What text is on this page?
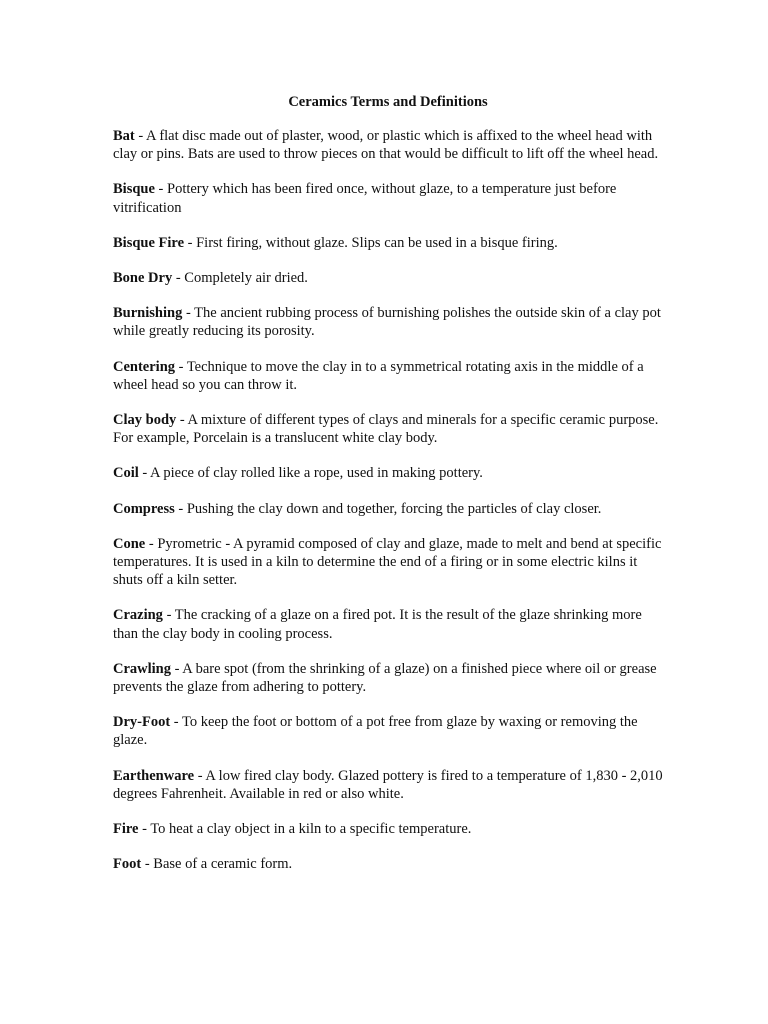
Ceramics Terms and Definitions

Bat - A flat disc made out of plaster, wood, or plastic which is affixed to the wheel head with clay or pins. Bats are used to throw pieces on that would be difficult to lift off the wheel head.

Bisque - Pottery which has been fired once, without glaze, to a temperature just before vitrification

Bisque Fire - First firing, without glaze. Slips can be used in a bisque firing.

Bone Dry - Completely air dried.

Burnishing - The ancient rubbing process of burnishing polishes the outside skin of a clay pot while greatly reducing its porosity.

Centering - Technique to move the clay in to a symmetrical rotating axis in the middle of a wheel head so you can throw it.

Clay body - A mixture of different types of clays and minerals for a specific ceramic purpose. For example, Porcelain is a translucent white clay body.

Coil - A piece of clay rolled like a rope, used in making pottery.

Compress - Pushing the clay down and together, forcing the particles of clay closer.

Cone - Pyrometric - A pyramid composed of clay and glaze, made to melt and bend at specific temperatures. It is used in a kiln to determine the end of a firing or in some electric kilns it shuts off a kiln setter.

Crazing - The cracking of a glaze on a fired pot. It is the result of the glaze shrinking more than the clay body in cooling process.

Crawling - A bare spot (from the shrinking of a glaze) on a finished piece where oil or grease prevents the glaze from adhering to pottery.

Dry-Foot - To keep the foot or bottom of a pot free from glaze by waxing or removing the glaze.

Earthenware - A low fired clay body. Glazed pottery is fired to a temperature of 1,830 - 2,010 degrees Fahrenheit. Available in red or also white.

Fire - To heat a clay object in a kiln to a specific temperature.

Foot - Base of a ceramic form.
